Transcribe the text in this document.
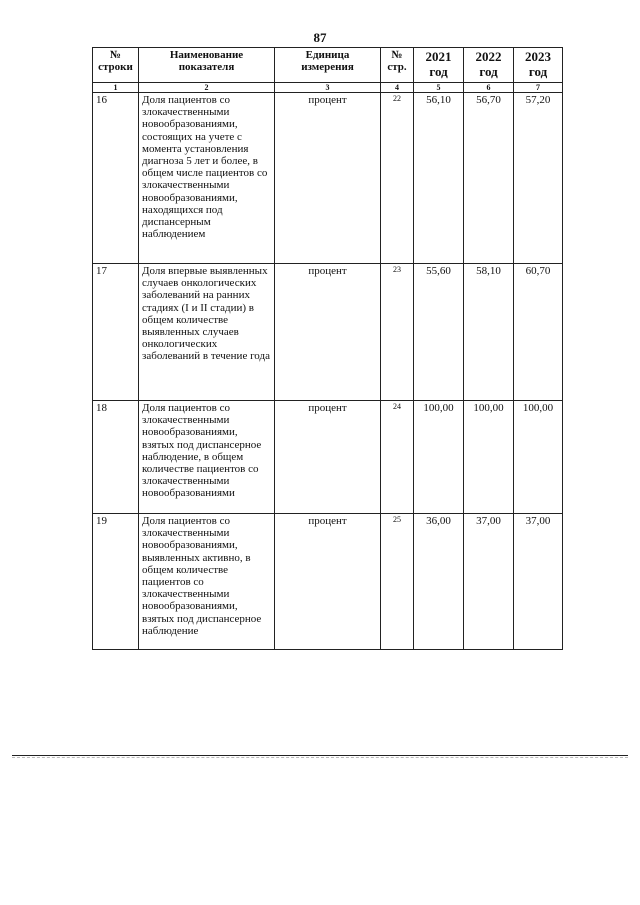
87
№ строки	Наименование показателя	Единица измерения	№ стр.	2021 год	2022 год	2023 год
1	2	3	4	5	6	7
16	Доля пациентов со злокачественными новообразованиями, состоящих на учете с момента установления диагноза 5 лет и более, в общем числе пациентов со злокачественными новообразованиями, находящихся под диспансерным наблюдением	процент	22	56,10	56,70	57,20
17	Доля впервые выявленных случаев онкологических заболеваний на ранних стадиях (I и II стадии) в общем количестве выявленных случаев онкологических заболеваний в течение года	процент	23	55,60	58,10	60,70
18	Доля пациентов со злокачественными новообразованиями, взятых под диспансерное наблюдение, в общем количестве пациентов со злокачественными новообразованиями	процент	24	100,00	100,00	100,00
19	Доля пациентов со злокачественными новообразованиями, выявленных активно, в общем количестве пациентов со злокачественными новообразованиями, взятых под диспансерное наблюдение	процент	25	36,00	37,00	37,00
